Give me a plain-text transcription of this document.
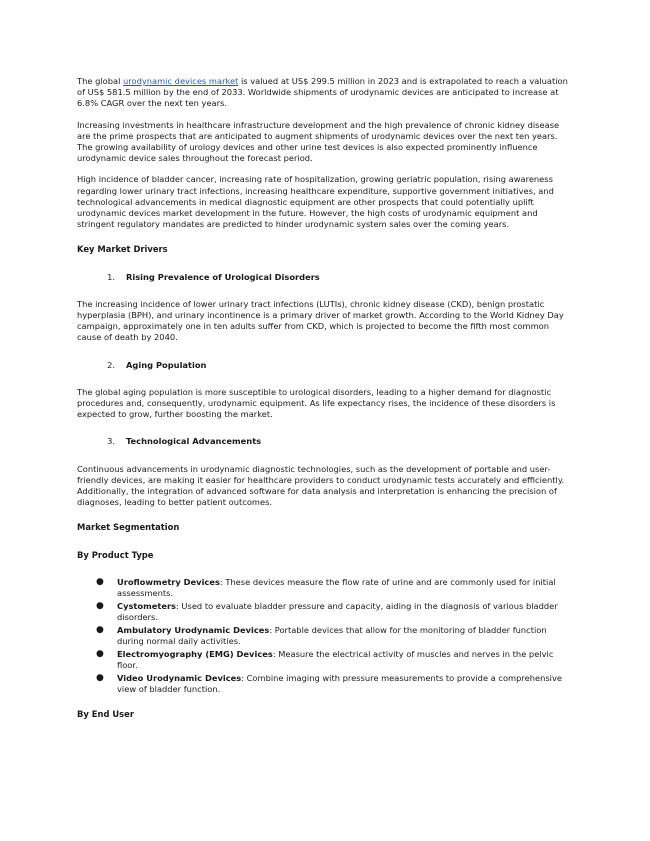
The global urodynamic devices market is valued at US$ 299.5 million in 2023 and is extrapolated to reach a valuation of US$ 581.5 million by the end of 2033. Worldwide shipments of urodynamic devices are anticipated to increase at 6.8% CAGR over the next ten years.

Increasing investments in healthcare infrastructure development and the high prevalence of chronic kidney disease are the prime prospects that are anticipated to augment shipments of urodynamic devices over the next ten years. The growing availability of urology devices and other urine test devices is also expected prominently influence urodynamic device sales throughout the forecast period.

High incidence of bladder cancer, increasing rate of hospitalization, growing geriatric population, rising awareness regarding lower urinary tract infections, increasing healthcare expenditure, supportive government initiatives, and technological advancements in medical diagnostic equipment are other prospects that could potentially uplift urodynamic devices market development in the future. However, the high costs of urodynamic equipment and stringent regulatory mandates are predicted to hinder urodynamic system sales over the coming years.

Key Market Drivers
1.	Rising Prevalence of Urological Disorders

The increasing incidence of lower urinary tract infections (LUTIs), chronic kidney disease (CKD), benign prostatic hyperplasia (BPH), and urinary incontinence is a primary driver of market growth. According to the World Kidney Day campaign, approximately one in ten adults suffer from CKD, which is projected to become the fifth most common cause of death by 2040.

2.	Aging Population

The global aging population is more susceptible to urological disorders, leading to a higher demand for diagnostic procedures and, consequently, urodynamic equipment. As life expectancy rises, the incidence of these disorders is expected to grow, further boosting the market.

3.	Technological Advancements

Continuous advancements in urodynamic diagnostic technologies, such as the development of portable and user-friendly devices, are making it easier for healthcare providers to conduct urodynamic tests accurately and efficiently. Additionally, the integration of advanced software for data analysis and interpretation is enhancing the precision of diagnoses, leading to better patient outcomes.

Market Segmentation
By Product Type
● Uroflowmetry Devices: These devices measure the flow rate of urine and are commonly used for initial assessments.
● Cystometers: Used to evaluate bladder pressure and capacity, aiding in the diagnosis of various bladder disorders.
● Ambulatory Urodynamic Devices: Portable devices that allow for the monitoring of bladder function during normal daily activities.
● Electromyography (EMG) Devices: Measure the electrical activity of muscles and nerves in the pelvic floor.
● Video Urodynamic Devices: Combine imaging with pressure measurements to provide a comprehensive view of bladder function.
By End User
